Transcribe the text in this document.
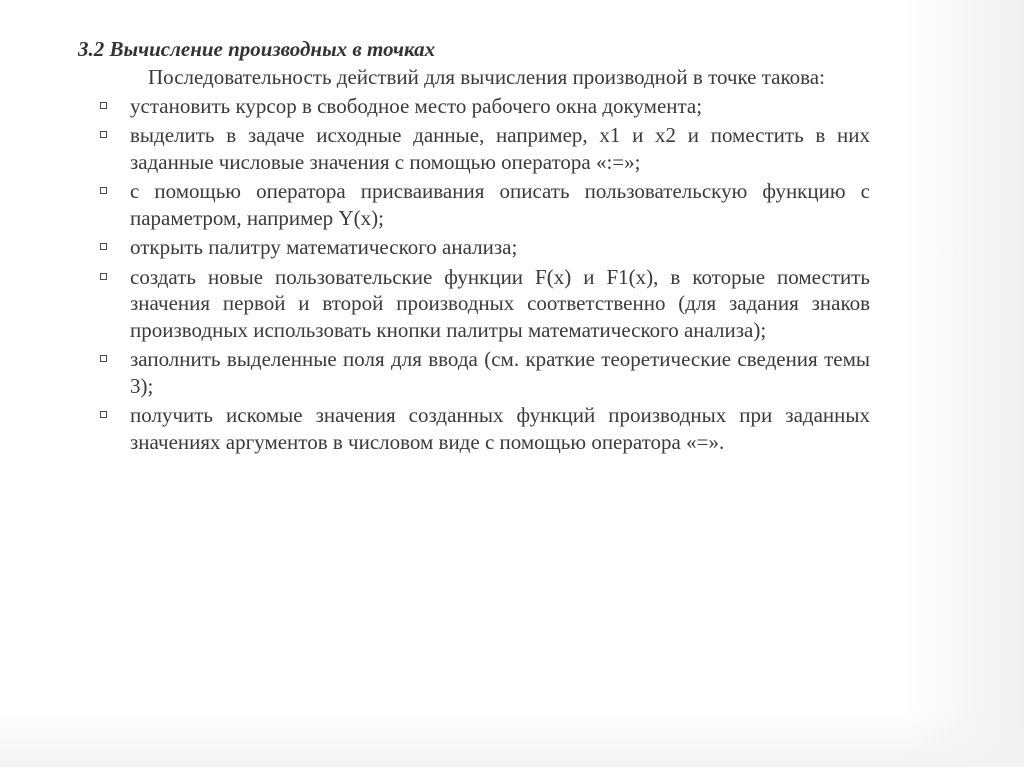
3.2 Вычисление производных в точках

Последовательность действий для вычисления производной в точке такова:

установить курсор в свободное место рабочего окна документа;
выделить в задаче исходные данные, например, x1 и x2 и поместить в них заданные числовые значения с помощью оператора «:=»;
с помощью оператора присваивания описать пользовательскую функцию с параметром, например Y(x);
открыть палитру математического анализа;
создать новые пользовательские функции F(x) и F1(x), в которые поместить значения первой и второй производных соответственно (для задания знаков производных использовать кнопки палитры математического анализа);
заполнить выделенные поля для ввода (см. краткие теоретические сведения темы 3);
получить искомые значения созданных функций производных при заданных значениях аргументов в числовом виде с помощью оператора «=».
